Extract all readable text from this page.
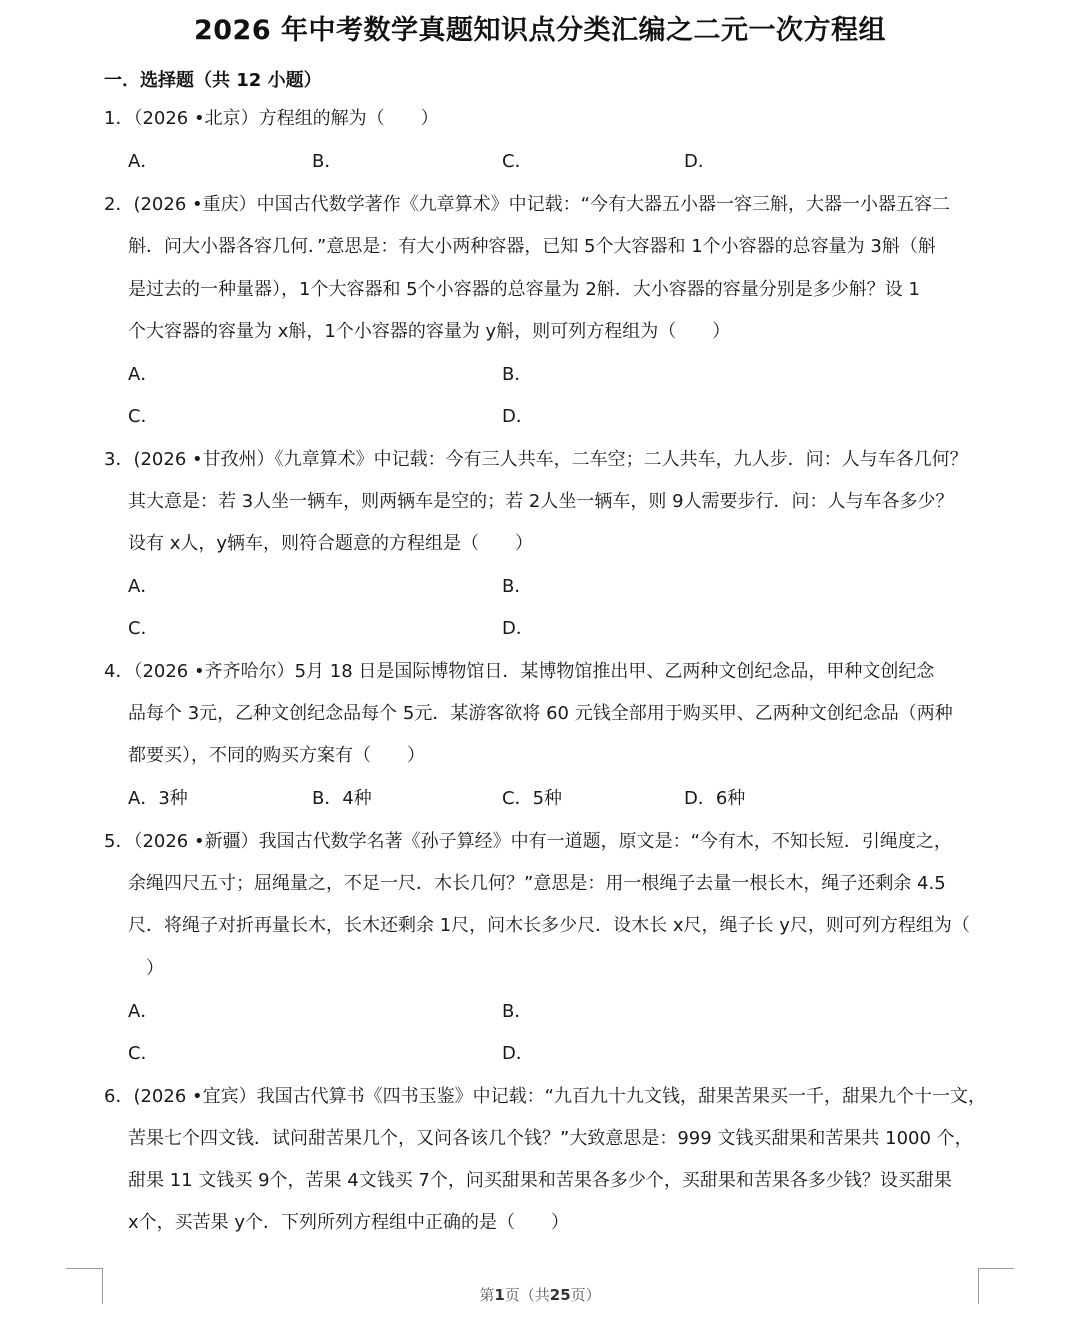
2026 年中考数学真题知识点分类汇编之二元一次方程组
一．选择题（共 12 小题）
1．（2026 •北京）方程组的解为（　　）
A．	B．	C．	D．
2．(2026 •重庆）中国古代数学著作《九章算术》中记载：“今有大器五小器一容三斛，大器一小器五容二
斛．问大小器各容几何．”意思是：有大小两种容器，已知 5个大容器和 1个小容器的总容量为 3斛（斛
是过去的一种量器），1个大容器和 5个小容器的总容量为 2斛．大小容器的容量分别是多少斛？设 1
个大容器的容量为 x斛，1个小容器的容量为 y斛，则可列方程组为（　　）
A．	B．
C．	D．
3．(2026 •甘孜州）《九章算术》中记载：今有三人共车，二车空；二人共车，九人步．问：人与车各几何？
其大意是：若 3人坐一辆车，则两辆车是空的；若 2人坐一辆车，则 9人需要步行．问：人与车各多少？
设有 x人，y辆车，则符合题意的方程组是（　　）
A．	B．
C．	D．
4．（2026 •齐齐哈尔）5月 18 日是国际博物馆日．某博物馆推出甲、乙两种文创纪念品，甲种文创纪念
品每个 3元，乙种文创纪念品每个 5元．某游客欲将 60 元钱全部用于购买甲、乙两种文创纪念品（两种
都要买），不同的购买方案有（　　）
A．3种	B．4种	C．5种	D．6种
5．（2026 •新疆）我国古代数学名著《孙子算经》中有一道题，原文是：“今有木，不知长短．引绳度之，
余绳四尺五寸；屈绳量之，不足一尺．木长几何？”意思是：用一根绳子去量一根长木，绳子还剩余 4.5
尺．将绳子对折再量长木，长木还剩余 1尺，问木长多少尺．设木长 x尺，绳子长 y尺，则可列方程组为（
）
A．	B．
C．	D．
6．(2026 •宜宾）我国古代算书《四书玉鉴》中记载：“九百九十九文钱，甜果苦果买一千，甜果九个十一文，
苦果七个四文钱．试问甜苦果几个，又问各该几个钱？”大致意思是：999 文钱买甜果和苦果共 1000 个，
甜果 11 文钱买 9个，苦果 4文钱买 7个，问买甜果和苦果各多少个，买甜果和苦果各多少钱？设买甜果
x个，买苦果 y个．下列所列方程组中正确的是（　　）
第1页（共25页）
